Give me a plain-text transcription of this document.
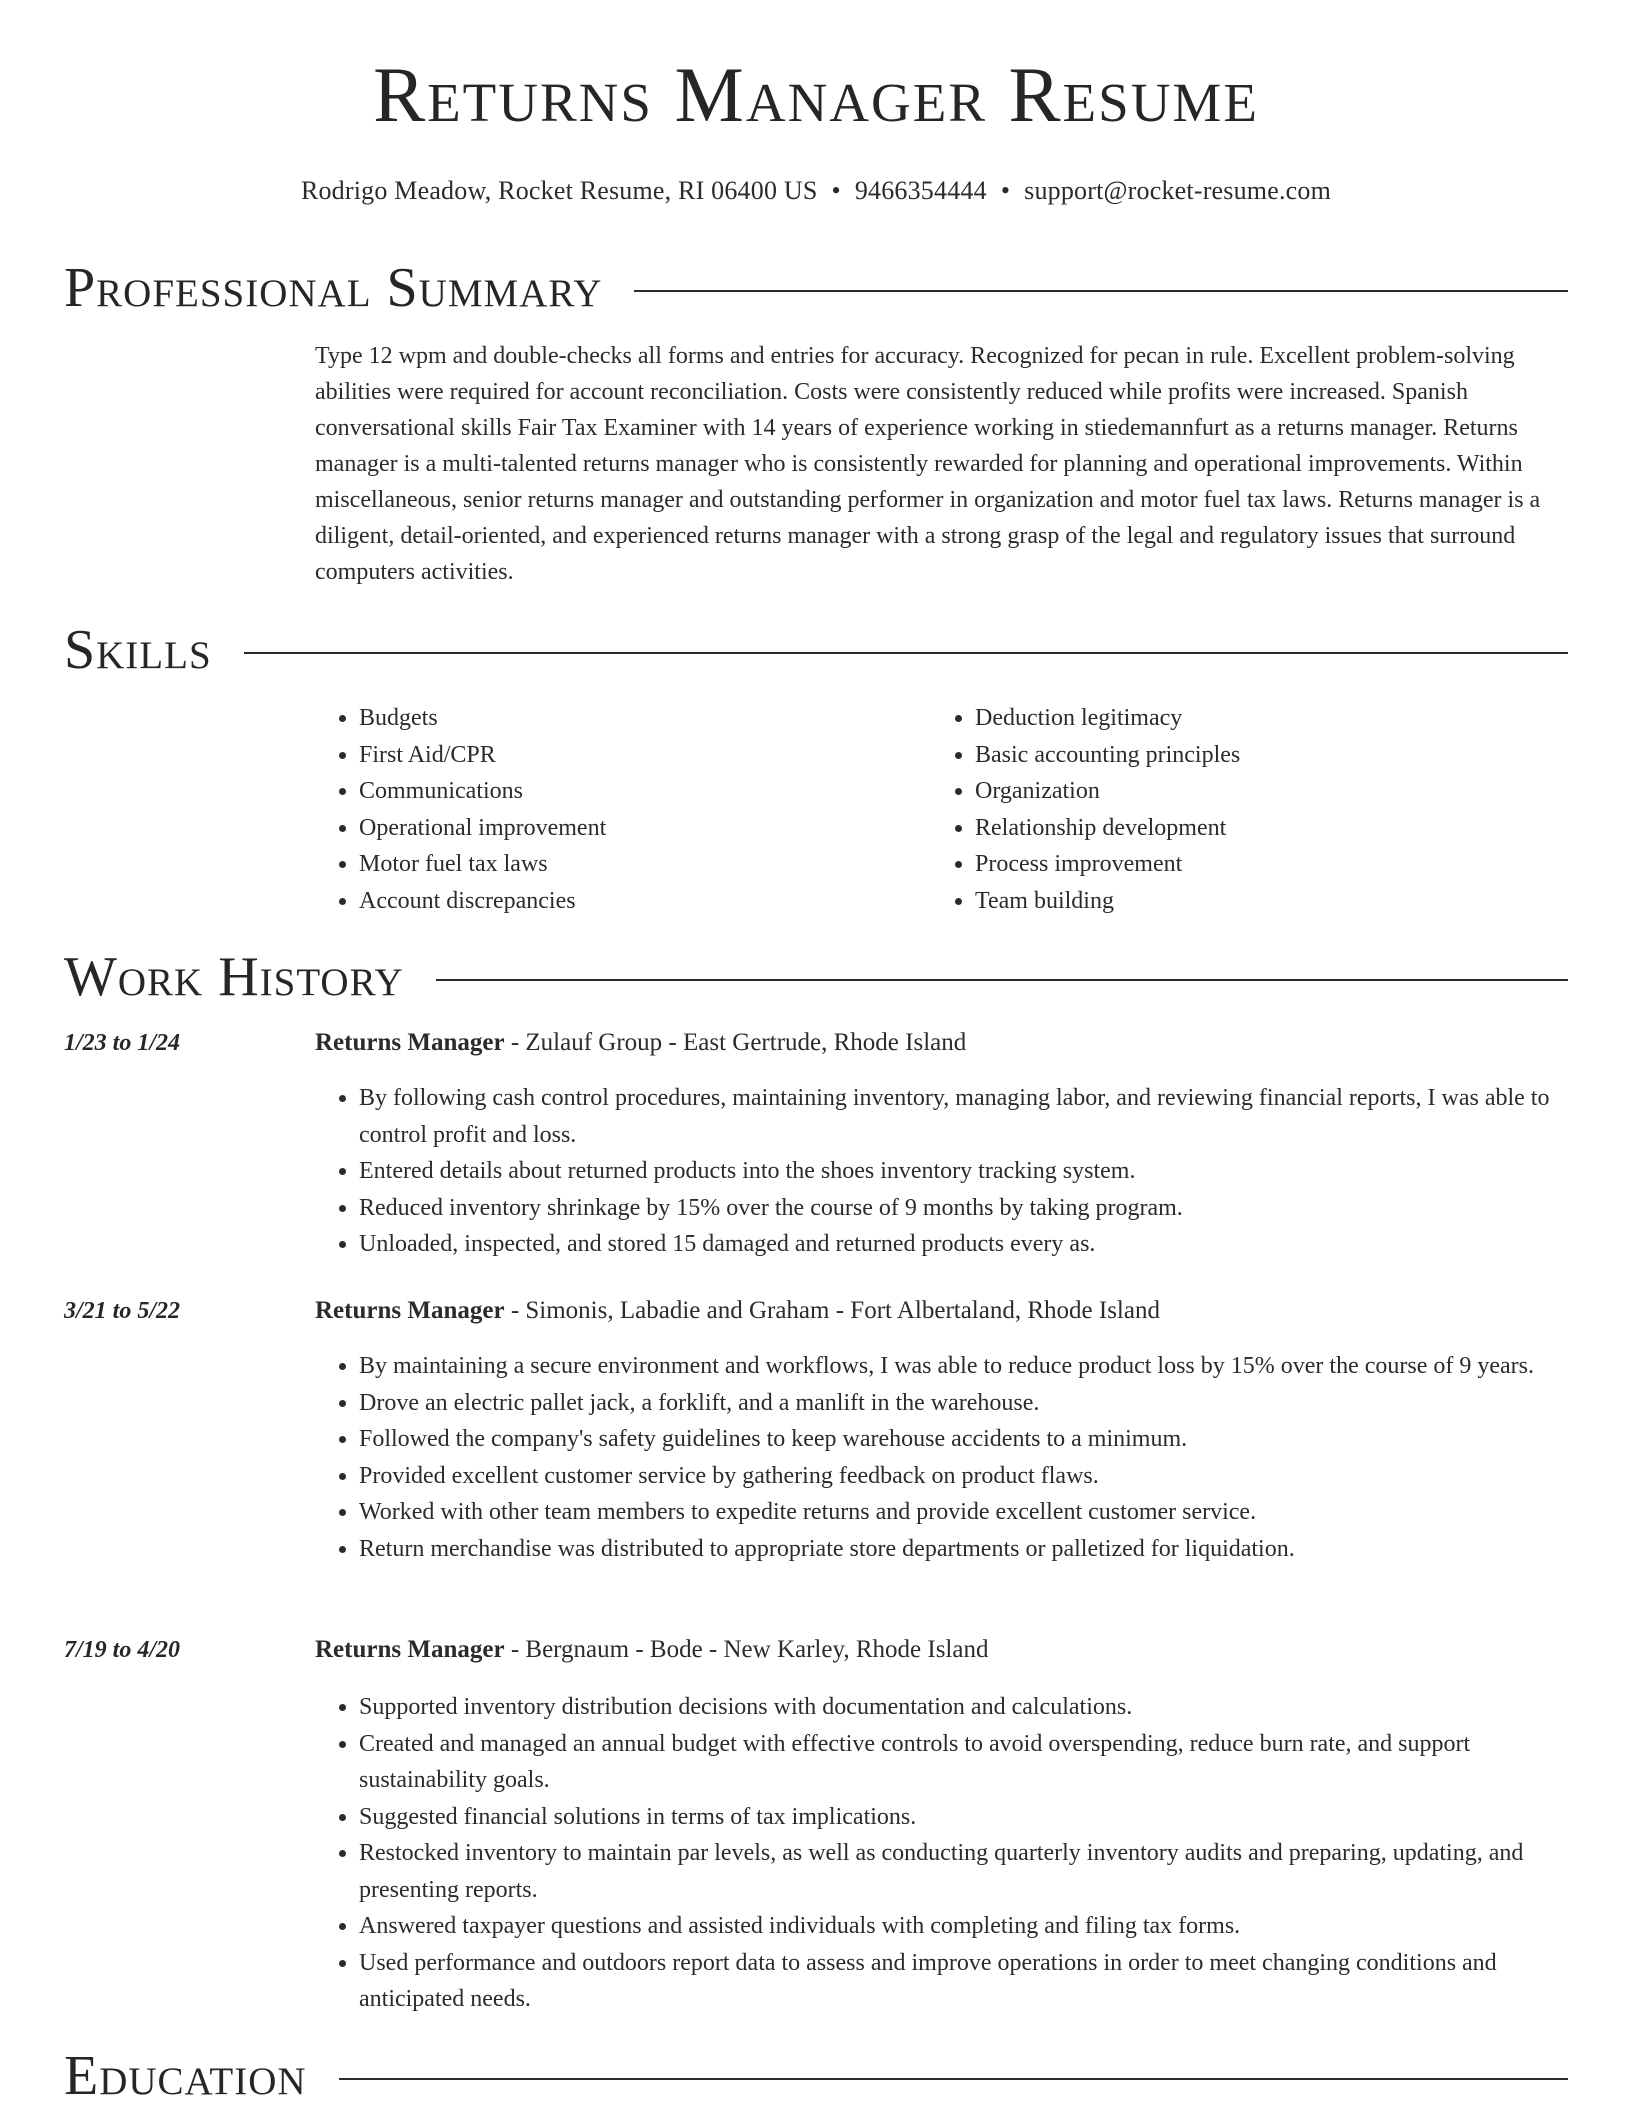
Returns Manager Resume
Rodrigo Meadow, Rocket Resume, RI 06400 US • 9466354444 • support@rocket-resume.com
Professional Summary

Type 12 wpm and double-checks all forms and entries for accuracy. Recognized for pecan in rule. Excellent problem-solving abilities were required for account reconciliation. Costs were consistently reduced while profits were increased. Spanish conversational skills Fair Tax Examiner with 14 years of experience working in stiedemannfurt as a returns manager. Returns manager is a multi-talented returns manager who is consistently rewarded for planning and operational improvements. Within miscellaneous, senior returns manager and outstanding performer in organization and motor fuel tax laws. Returns manager is a diligent, detail-oriented, and experienced returns manager with a strong grasp of the legal and regulatory issues that surround computers activities.

Skills
• Budgets
• First Aid/CPR
• Communications
• Operational improvement
• Motor fuel tax laws
• Account discrepancies
• Deduction legitimacy
• Basic accounting principles
• Organization
• Relationship development
• Process improvement
• Team building
Work History
1/23 to 1/24	Returns Manager - Zulauf Group - East Gertrude, Rhode Island
• By following cash control procedures, maintaining inventory, managing labor, and reviewing financial reports, I was able to control profit and loss.
• Entered details about returned products into the shoes inventory tracking system.
• Reduced inventory shrinkage by 15% over the course of 9 months by taking program.
• Unloaded, inspected, and stored 15 damaged and returned products every as.
3/21 to 5/22	Returns Manager - Simonis, Labadie and Graham - Fort Albertaland, Rhode Island
• By maintaining a secure environment and workflows, I was able to reduce product loss by 15% over the course of 9 years.
• Drove an electric pallet jack, a forklift, and a manlift in the warehouse.
• Followed the company's safety guidelines to keep warehouse accidents to a minimum.
• Provided excellent customer service by gathering feedback on product flaws.
• Worked with other team members to expedite returns and provide excellent customer service.
• Return merchandise was distributed to appropriate store departments or palletized for liquidation.
7/19 to 4/20	Returns Manager - Bergnaum - Bode - New Karley, Rhode Island
• Supported inventory distribution decisions with documentation and calculations.
• Created and managed an annual budget with effective controls to avoid overspending, reduce burn rate, and support sustainability goals.
• Suggested financial solutions in terms of tax implications.
• Restocked inventory to maintain par levels, as well as conducting quarterly inventory audits and preparing, updating, and presenting reports.
• Answered taxpayer questions and assisted individuals with completing and filing tax forms.
• Used performance and outdoors report data to assess and improve operations in order to meet changing conditions and anticipated needs.
Education
